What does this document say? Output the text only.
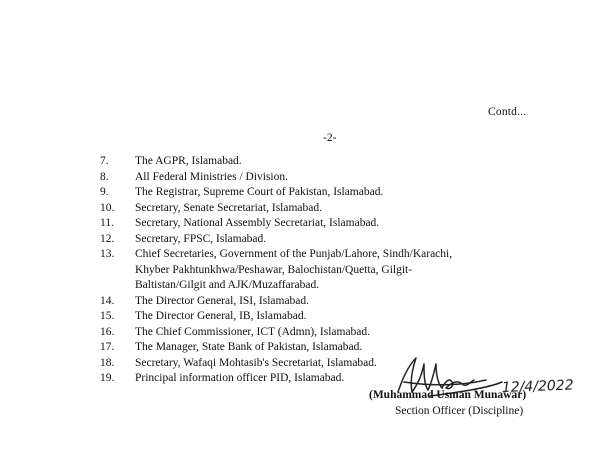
Contd...
-2-
7.	The AGPR, Islamabad.
8.	All Federal Ministries / Division.
9.	The Registrar, Supreme Court of Pakistan, Islamabad.
10.	Secretary, Senate Secretariat, Islamabad.
11.	Secretary, National Assembly Secretariat, Islamabad.
12.	Secretary, FPSC, Islamabad.
13.	Chief Secretaries, Government of the Punjab/Lahore, Sindh/Karachi, Khyber Pakhtunkhwa/Peshawar, Balochistan/Quetta, Gilgit-Baltistan/Gilgit and AJK/Muzaffarabad.
14.	The Director General, ISI, Islamabad.
15.	The Director General, IB, Islamabad.
16.	The Chief Commissioner, ICT (Admn), Islamabad.
17.	The Manager, State Bank of Pakistan, Islamabad.
18.	Secretary, Wafaqi Mohtasib's Secretariat, Islamabad.
19.	Principal information officer PID, Islamabad.	12/4/2022
(Muhammad Usman Munawar)
Section Officer (Discipline)
